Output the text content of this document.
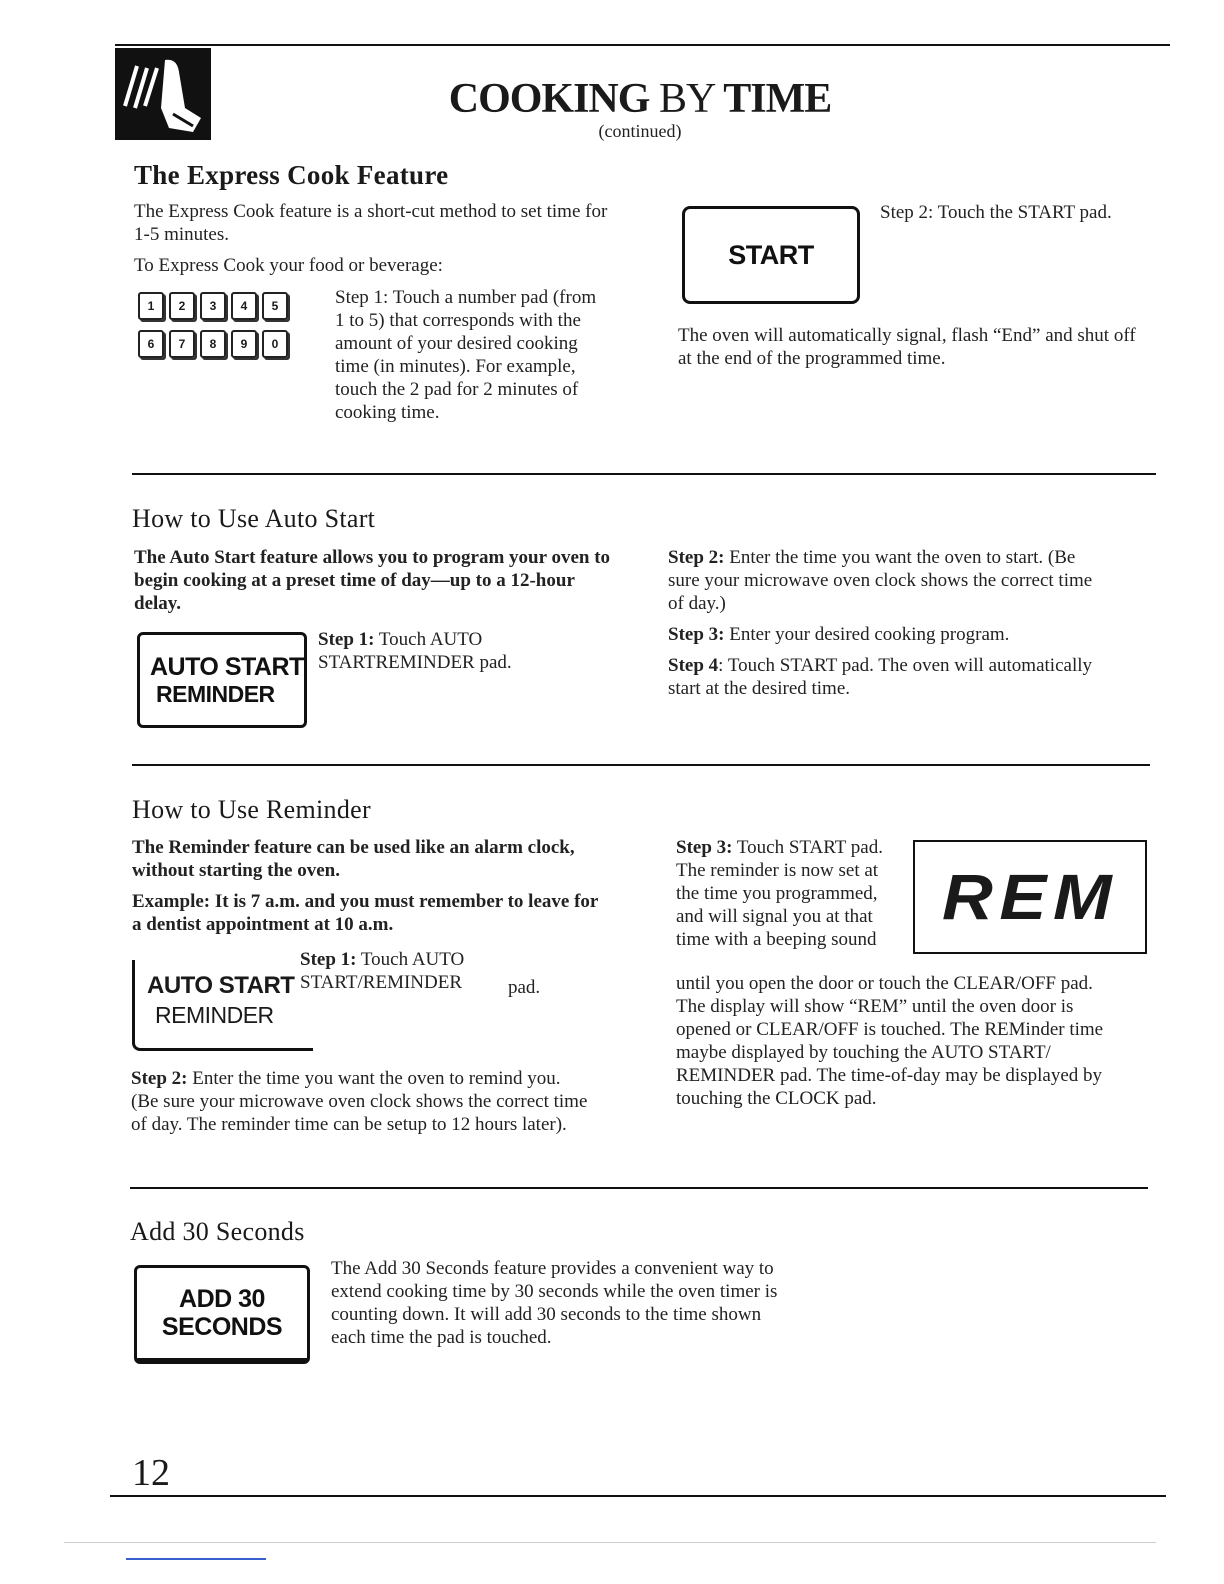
COOKING BY TIME
(continued)
The Express Cook Feature

The Express Cook feature is a short-cut method to set time for 1-5 minutes.

To Express Cook your food or beverage:

1 2 3 4 5
6 7 8 9 0
Step 1: Touch a number pad (from 1 to 5) that corresponds with the amount of your desired cooking time (in minutes). For example, touch the 2 pad for 2 minutes of cooking time.
START
Step 2: Touch the START pad.
The oven will automatically signal, flash “End” and shut off at the end of the programmed time.
How to Use Auto Start
The Auto Start feature allows you to program your oven to begin cooking at a preset time of day—up to a 12-hour delay.
AUTO START
REMINDER
Step 1: Touch AUTO STARTREMINDER pad.

Step 2: Enter the time you want the oven to start. (Be sure your microwave oven clock shows the correct time of day.)

Step 3: Enter your desired cooking program.

Step 4: Touch START pad. The oven will automatically start at the desired time.

How to Use Reminder

The Reminder feature can be used like an alarm clock, without starting the oven.

Example: It is 7 a.m. and you must remember to leave for a dentist appointment at 10 a.m.

AUTO START
REMINDER
Step 1: Touch AUTO START/REMINDER	pad.
Step 2: Enter the time you want the oven to remind you. (Be sure your microwave oven clock shows the correct time of day. The reminder time can be setup to 12 hours later).
Step 3: Touch START pad. The reminder is now set at the time you programmed, and will signal you at that time with a beeping sound
REM
until you open the door or touch the CLEAR/OFF pad. The display will show “REM” until the oven door is opened or CLEAR/OFF is touched. The REMinder time maybe displayed by touching the AUTO START/ REMINDER pad. The time-of-day may be displayed by touching the CLOCK pad.
Add 30 Seconds
ADD 30
SECONDS
The Add 30 Seconds feature provides a convenient way to extend cooking time by 30 seconds while the oven timer is counting down. It will add 30 seconds to the time shown each time the pad is touched.
12
